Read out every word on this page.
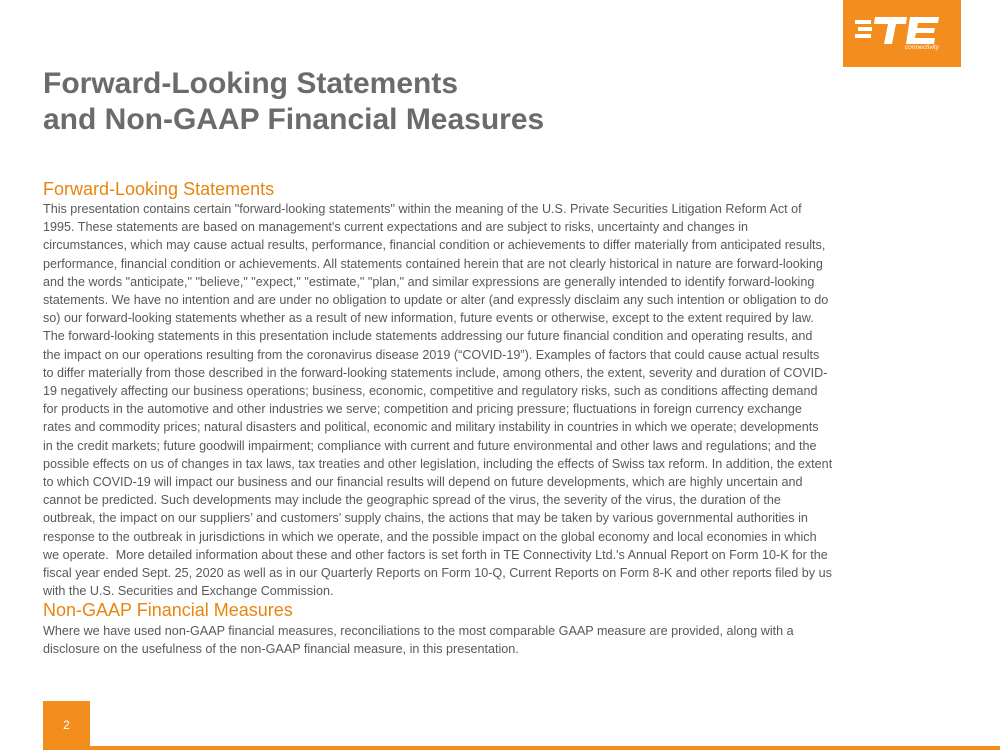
connectivity
Forward-Looking Statements
and Non-GAAP Financial Measures
Forward-Looking Statements
This presentation contains certain "forward-looking statements" within the meaning of the U.S. Private Securities Litigation Reform Act of
1995. These statements are based on management's current expectations and are subject to risks, uncertainty and changes in
circumstances, which may cause actual results, performance, financial condition or achievements to differ materially from anticipated results,
performance, financial condition or achievements. All statements contained herein that are not clearly historical in nature are forward-looking
and the words "anticipate," "believe," "expect," "estimate," "plan," and similar expressions are generally intended to identify forward-looking
statements. We have no intention and are under no obligation to update or alter (and expressly disclaim any such intention or obligation to do
so) our forward-looking statements whether as a result of new information, future events or otherwise, except to the extent required by law.
The forward-looking statements in this presentation include statements addressing our future financial condition and operating results, and
the impact on our operations resulting from the coronavirus disease 2019 (“COVID-19”). Examples of factors that could cause actual results
to differ materially from those described in the forward-looking statements include, among others, the extent, severity and duration of COVID-
19 negatively affecting our business operations; business, economic, competitive and regulatory risks, such as conditions affecting demand
for products in the automotive and other industries we serve; competition and pricing pressure; fluctuations in foreign currency exchange
rates and commodity prices; natural disasters and political, economic and military instability in countries in which we operate; developments
in the credit markets; future goodwill impairment; compliance with current and future environmental and other laws and regulations; and the
possible effects on us of changes in tax laws, tax treaties and other legislation, including the effects of Swiss tax reform. In addition, the extent
to which COVID-19 will impact our business and our financial results will depend on future developments, which are highly uncertain and
cannot be predicted. Such developments may include the geographic spread of the virus, the severity of the virus, the duration of the
outbreak, the impact on our suppliers’ and customers’ supply chains, the actions that may be taken by various governmental authorities in
response to the outbreak in jurisdictions in which we operate, and the possible impact on the global economy and local economies in which
we operate.  More detailed information about these and other factors is set forth in TE Connectivity Ltd.'s Annual Report on Form 10-K for the
fiscal year ended Sept. 25, 2020 as well as in our Quarterly Reports on Form 10-Q, Current Reports on Form 8-K and other reports filed by us
with the U.S. Securities and Exchange Commission.
Non-GAAP Financial Measures
Where we have used non-GAAP financial measures, reconciliations to the most comparable GAAP measure are provided, along with a
disclosure on the usefulness of the non-GAAP financial measure, in this presentation.
2
